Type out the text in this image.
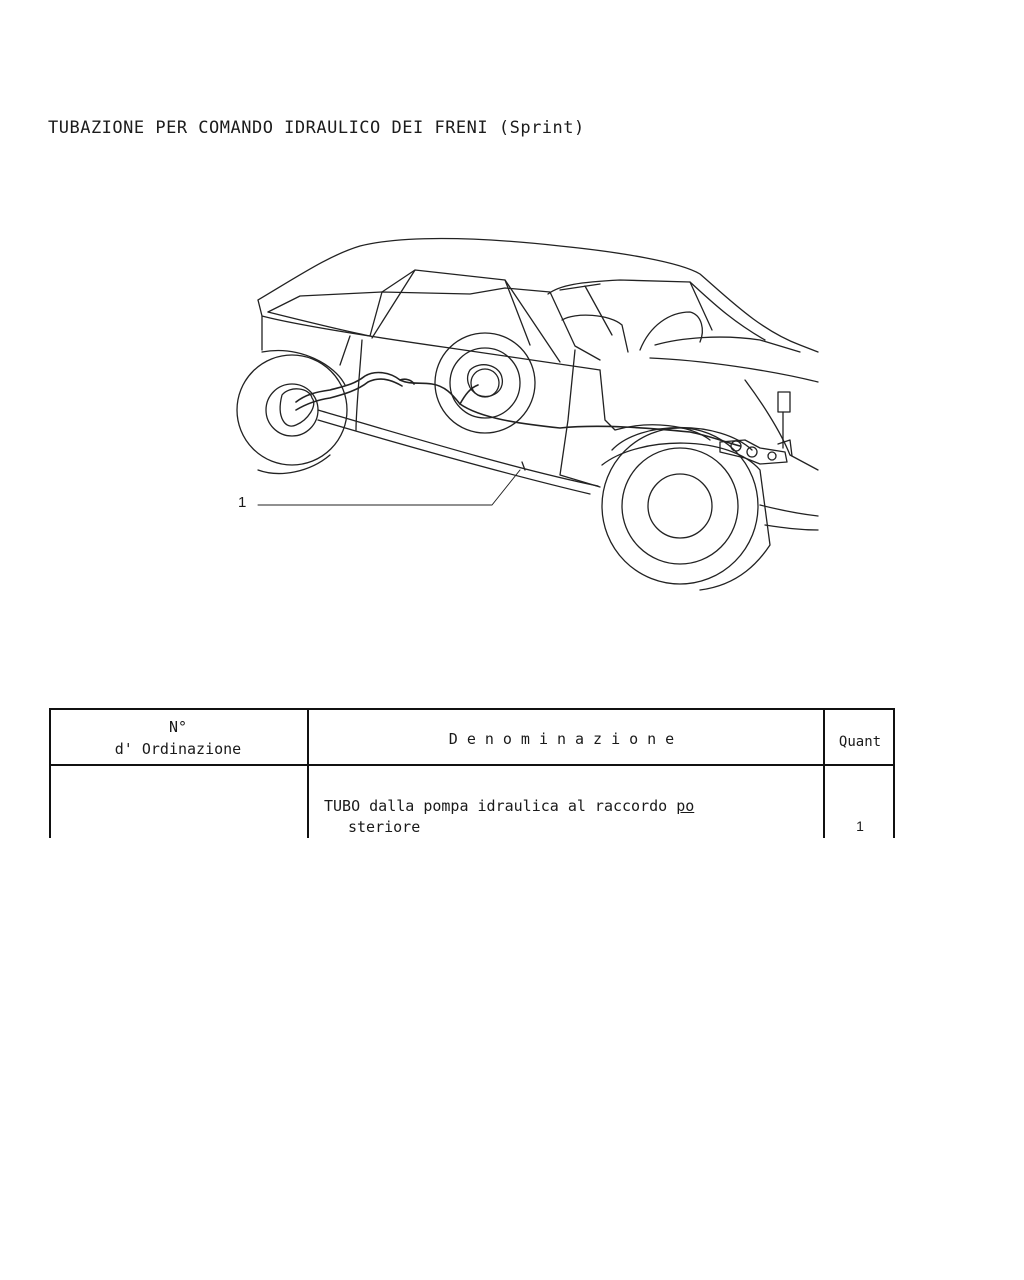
TUBAZIONE PER COMANDO IDRAULICO DEI FRENI (Sprint)
1
N°
d' Ordinazione
Denominazione	Quant
TUBO dalla pompa idraulica al raccordo po
steriore	1
